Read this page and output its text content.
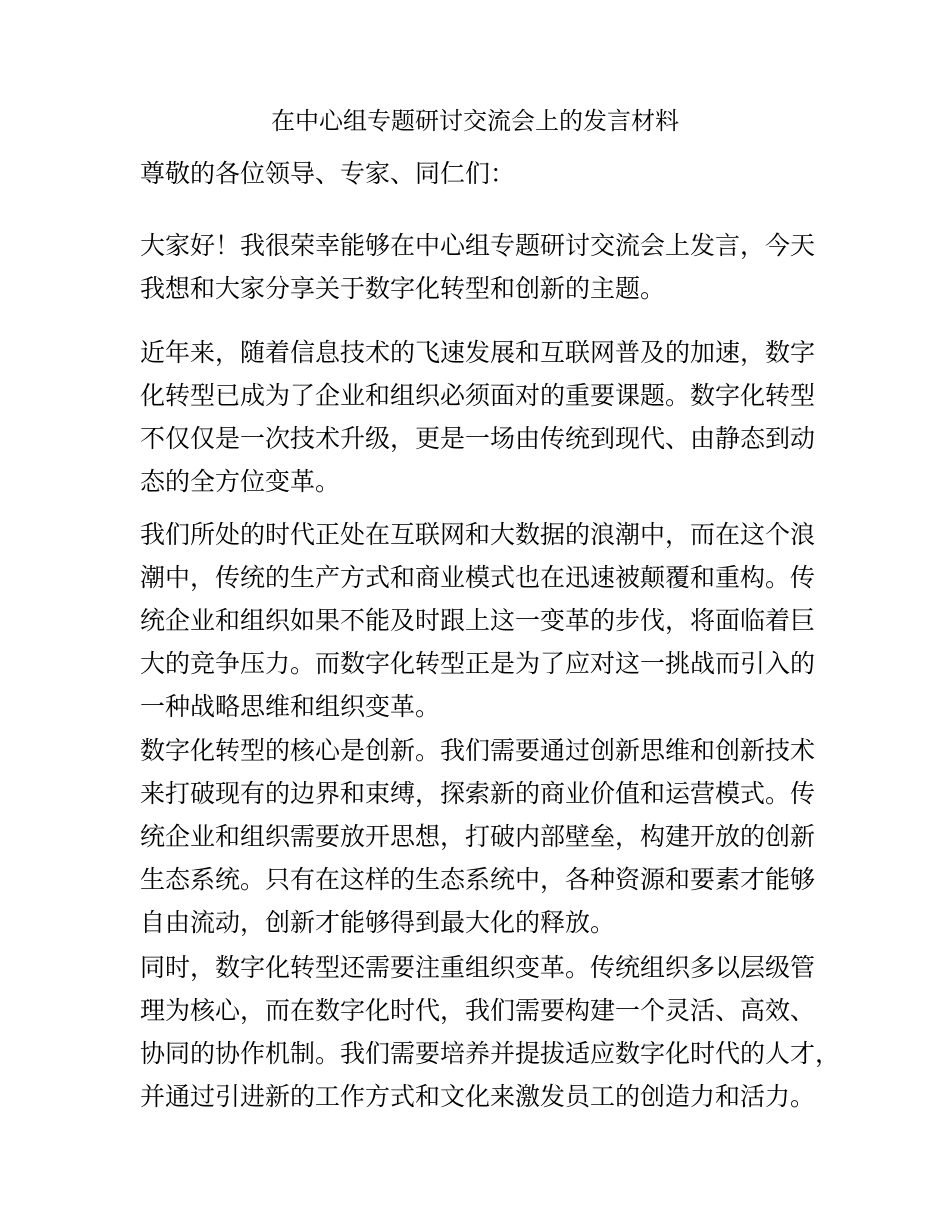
在中心组专题研讨交流会上的发言材料
尊敬的各位领导、专家、同仁们：
大家好！我很荣幸能够在中心组专题研讨交流会上发言，今天
我想和大家分享关于数字化转型和创新的主题。
近年来，随着信息技术的飞速发展和互联网普及的加速，数字
化转型已成为了企业和组织必须面对的重要课题。数字化转型
不仅仅是一次技术升级，更是一场由传统到现代、由静态到动
态的全方位变革。
我们所处的时代正处在互联网和大数据的浪潮中，而在这个浪
潮中，传统的生产方式和商业模式也在迅速被颠覆和重构。传
统企业和组织如果不能及时跟上这一变革的步伐，将面临着巨
大的竞争压力。而数字化转型正是为了应对这一挑战而引入的
一种战略思维和组织变革。
数字化转型的核心是创新。我们需要通过创新思维和创新技术
来打破现有的边界和束缚，探索新的商业价值和运营模式。传
统企业和组织需要放开思想，打破内部壁垒，构建开放的创新
生态系统。只有在这样的生态系统中，各种资源和要素才能够
自由流动，创新才能够得到最大化的释放。
同时，数字化转型还需要注重组织变革。传统组织多以层级管
理为核心，而在数字化时代，我们需要构建一个灵活、高效、
协同的协作机制。我们需要培养并提拔适应数字化时代的人才，
并通过引进新的工作方式和文化来激发员工的创造力和活力。
